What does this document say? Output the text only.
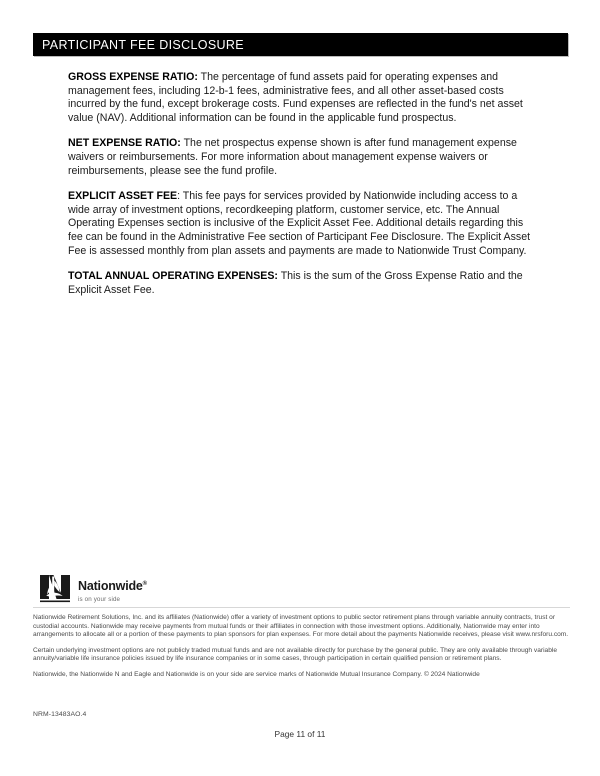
PARTICIPANT FEE DISCLOSURE

GROSS EXPENSE RATIO: The percentage of fund assets paid for operating expenses and management fees, including 12-b-1 fees, administrative fees, and all other asset-based costs incurred by the fund, except brokerage costs. Fund expenses are reflected in the fund's net asset value (NAV). Additional information can be found in the applicable fund prospectus.

NET EXPENSE RATIO: The net prospectus expense shown is after fund management expense waivers or reimbursements. For more information about management expense waivers or reimbursements, please see the fund profile.

EXPLICIT ASSET FEE: This fee pays for services provided by Nationwide including access to a wide array of investment options, recordkeeping platform, customer service, etc. The Annual Operating Expenses section is inclusive of the Explicit Asset Fee. Additional details regarding this fee can be found in the Administrative Fee section of Participant Fee Disclosure. The Explicit Asset Fee is assessed monthly from plan assets and payments are made to Nationwide Trust Company.

TOTAL ANNUAL OPERATING EXPENSES: This is the sum of the Gross Expense Ratio and the Explicit Asset Fee.

Nationwide®
is on your side

Nationwide Retirement Solutions, Inc. and its affiliates (Nationwide) offer a variety of investment options to public sector retirement plans through variable annuity contracts, trust or custodial accounts. Nationwide may receive payments from mutual funds or their affiliates in connection with those investment options. Additionally, Nationwide may enter into arrangements to allocate all or a portion of these payments to plan sponsors for plan expenses. For more detail about the payments Nationwide receives, please visit www.nrsforu.com.

Certain underlying investment options are not publicly traded mutual funds and are not available directly for purchase by the general public. They are only available through variable annuity/variable life insurance policies issued by life insurance companies or in some cases, through participation in certain qualified pension or retirement plans.

Nationwide, the Nationwide N and Eagle and Nationwide is on your side are service marks of Nationwide Mutual Insurance Company. © 2024 Nationwide

NRM-13483AO.4
Page 11 of 11
